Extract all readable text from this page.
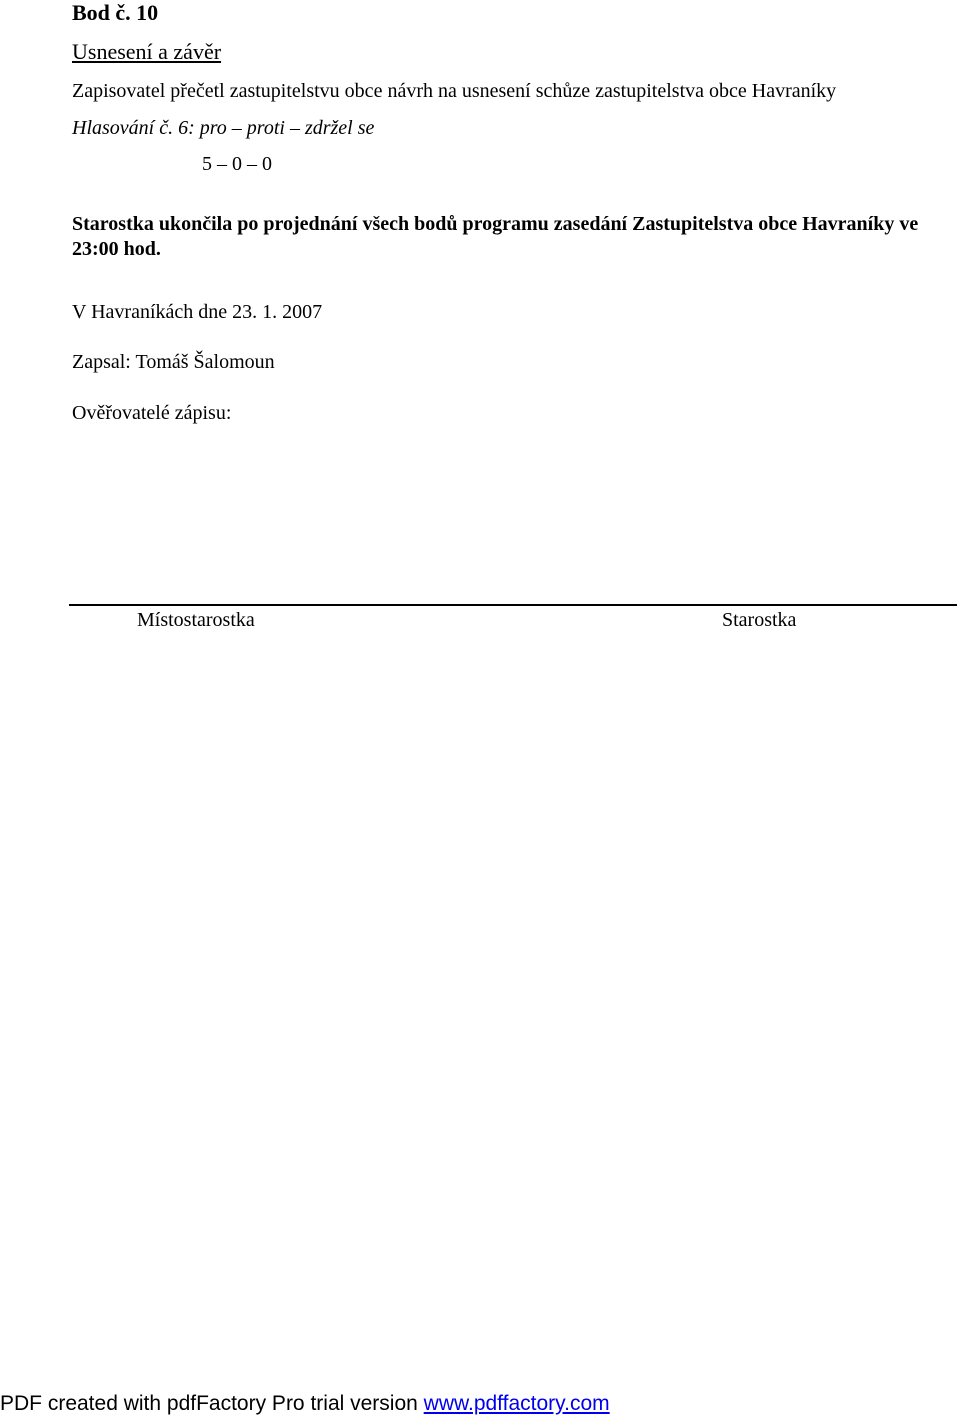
Bod č. 10
Usnesení a závěr
Zapisovatel přečetl zastupitelstvu obce návrh na usnesení schůze zastupitelstva obce Havraníky
Hlasování č. 6: pro – proti – zdržel se
5 – 0 – 0
Starostka ukončila po projednání všech bodů programu zasedání Zastupitelstva obce Havraníky ve 23:00 hod.
V Havraníkách dne 23. 1. 2007
Zapsal: Tomáš Šalomoun
Ověřovatelé zápisu:
Místostarostka	Starostka
PDF created with pdfFactory Pro trial version www.pdffactory.com
